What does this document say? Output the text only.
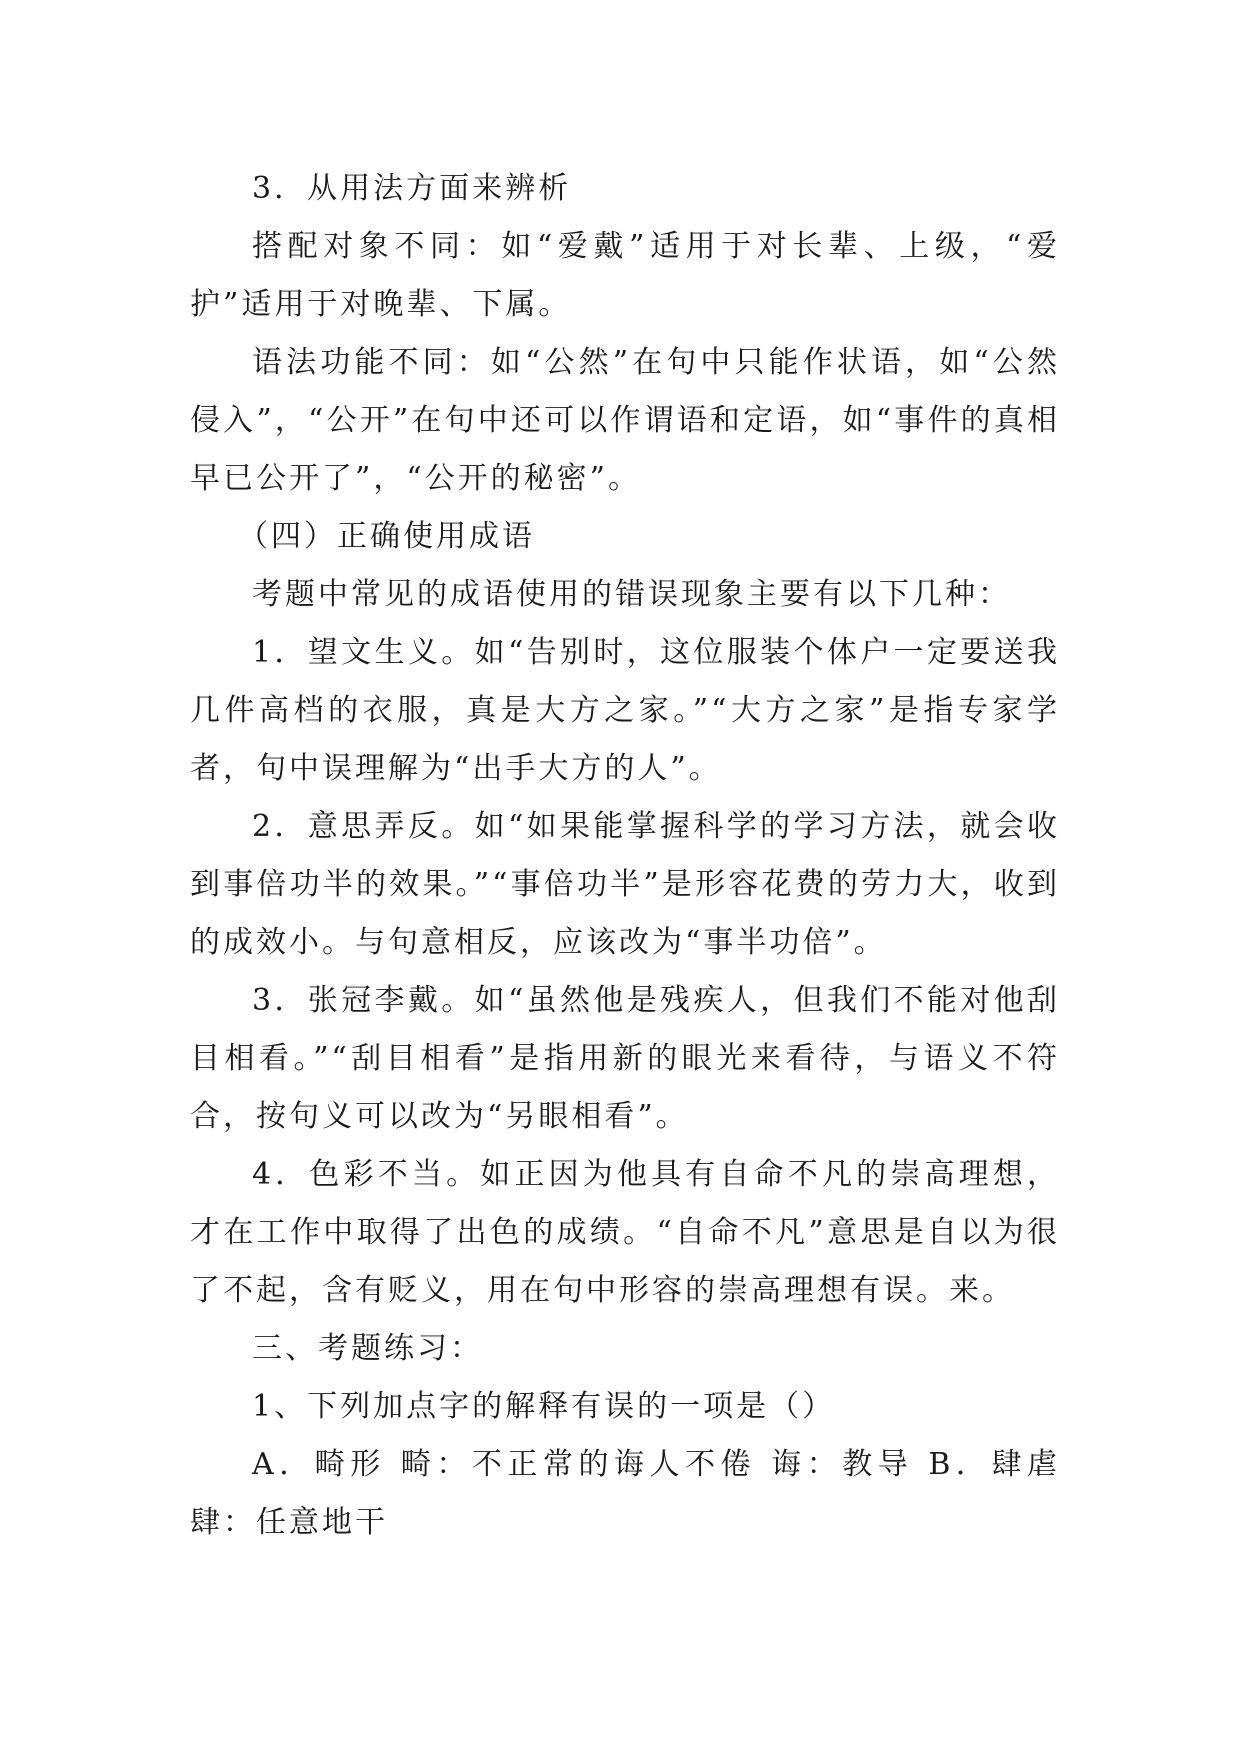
3．从用法方面来辨析

搭配对象不同：如“爱戴”适用于对长辈、上级，“爱护”适用于对晚辈、下属。

语法功能不同：如“公然”在句中只能作状语，如“公然侵入”，“公开”在句中还可以作谓语和定语，如“事件的真相早已公开了”，“公开的秘密”。

（四）正确使用成语

考题中常见的成语使用的错误现象主要有以下几种：

1．望文生义。如“告别时，这位服装个体户一定要送我几件高档的衣服，真是大方之家。”“大方之家”是指专家学者，句中误理解为“出手大方的人”。

2．意思弄反。如“如果能掌握科学的学习方法，就会收到事倍功半的效果。”“事倍功半”是形容花费的劳力大，收到的成效小。与句意相反，应该改为“事半功倍”。

3．张冠李戴。如“虽然他是残疾人，但我们不能对他刮目相看。”“刮目相看”是指用新的眼光来看待，与语义不符合，按句义可以改为“另眼相看”。

4．色彩不当。如正因为他具有自命不凡的崇高理想，才在工作中取得了出色的成绩。“自命不凡”意思是自以为很了不起，含有贬义，用在句中形容的崇高理想有误。来。

三、考题练习：

1、下列加点字的解释有误的一项是（）

A．畸形 畸：不正常的诲人不倦 诲：教导 B．肆虐 肆：任意地干
